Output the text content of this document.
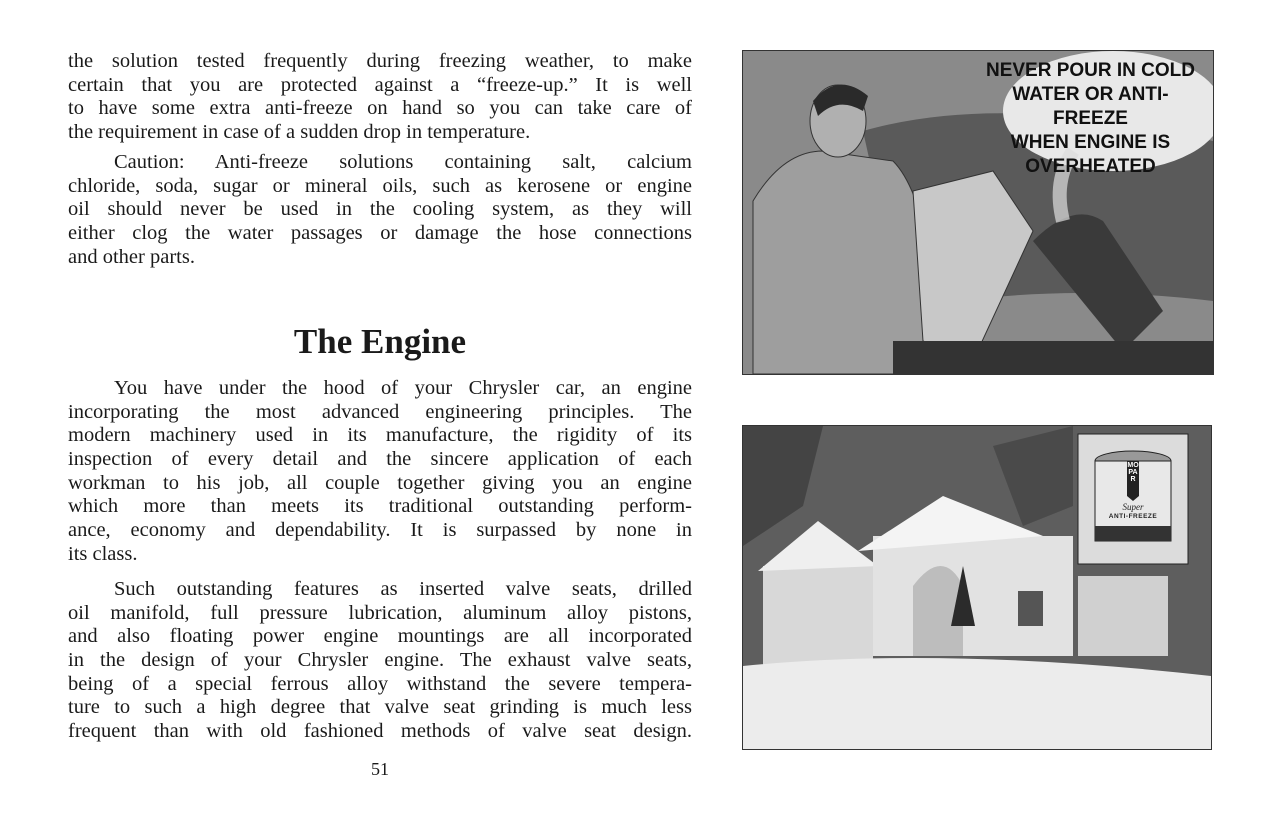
the solution tested frequently during freezing weather, to make
certain that you are protected against a “freeze-up.” It is well
to have some extra anti-freeze on hand so you can take care of
the requirement in case of a sudden drop in temperature.
Caution: Anti-freeze solutions containing salt, calcium
chloride, soda, sugar or mineral oils, such as kerosene or engine
oil should never be used in the cooling system, as they will
either clog the water passages or damage the hose connections
and other parts.
The Engine
You have under the hood of your Chrysler car, an engine
incorporating the most advanced engineering principles. The
modern machinery used in its manufacture, the rigidity of its
inspection of every detail and the sincere application of each
workman to his job, all couple together giving you an engine
which more than meets its traditional outstanding perform-
ance, economy and dependability. It is surpassed by none in
its class.
Such outstanding features as inserted valve seats, drilled
oil manifold, full pressure lubrication, aluminum alloy pistons,
and also floating power engine mountings are all incorporated
in the design of your Chrysler engine. The exhaust valve seats,
being of a special ferrous alloy withstand the severe tempera-
ture to such a high degree that valve seat grinding is much less
frequent than with old fashioned methods of valve seat design.
51
NEVER POUR IN COLD
WATER OR ANTI-FREEZE
WHEN ENGINE IS
OVERHEATED
MOPAR
Super
ANTI-FREEZE
